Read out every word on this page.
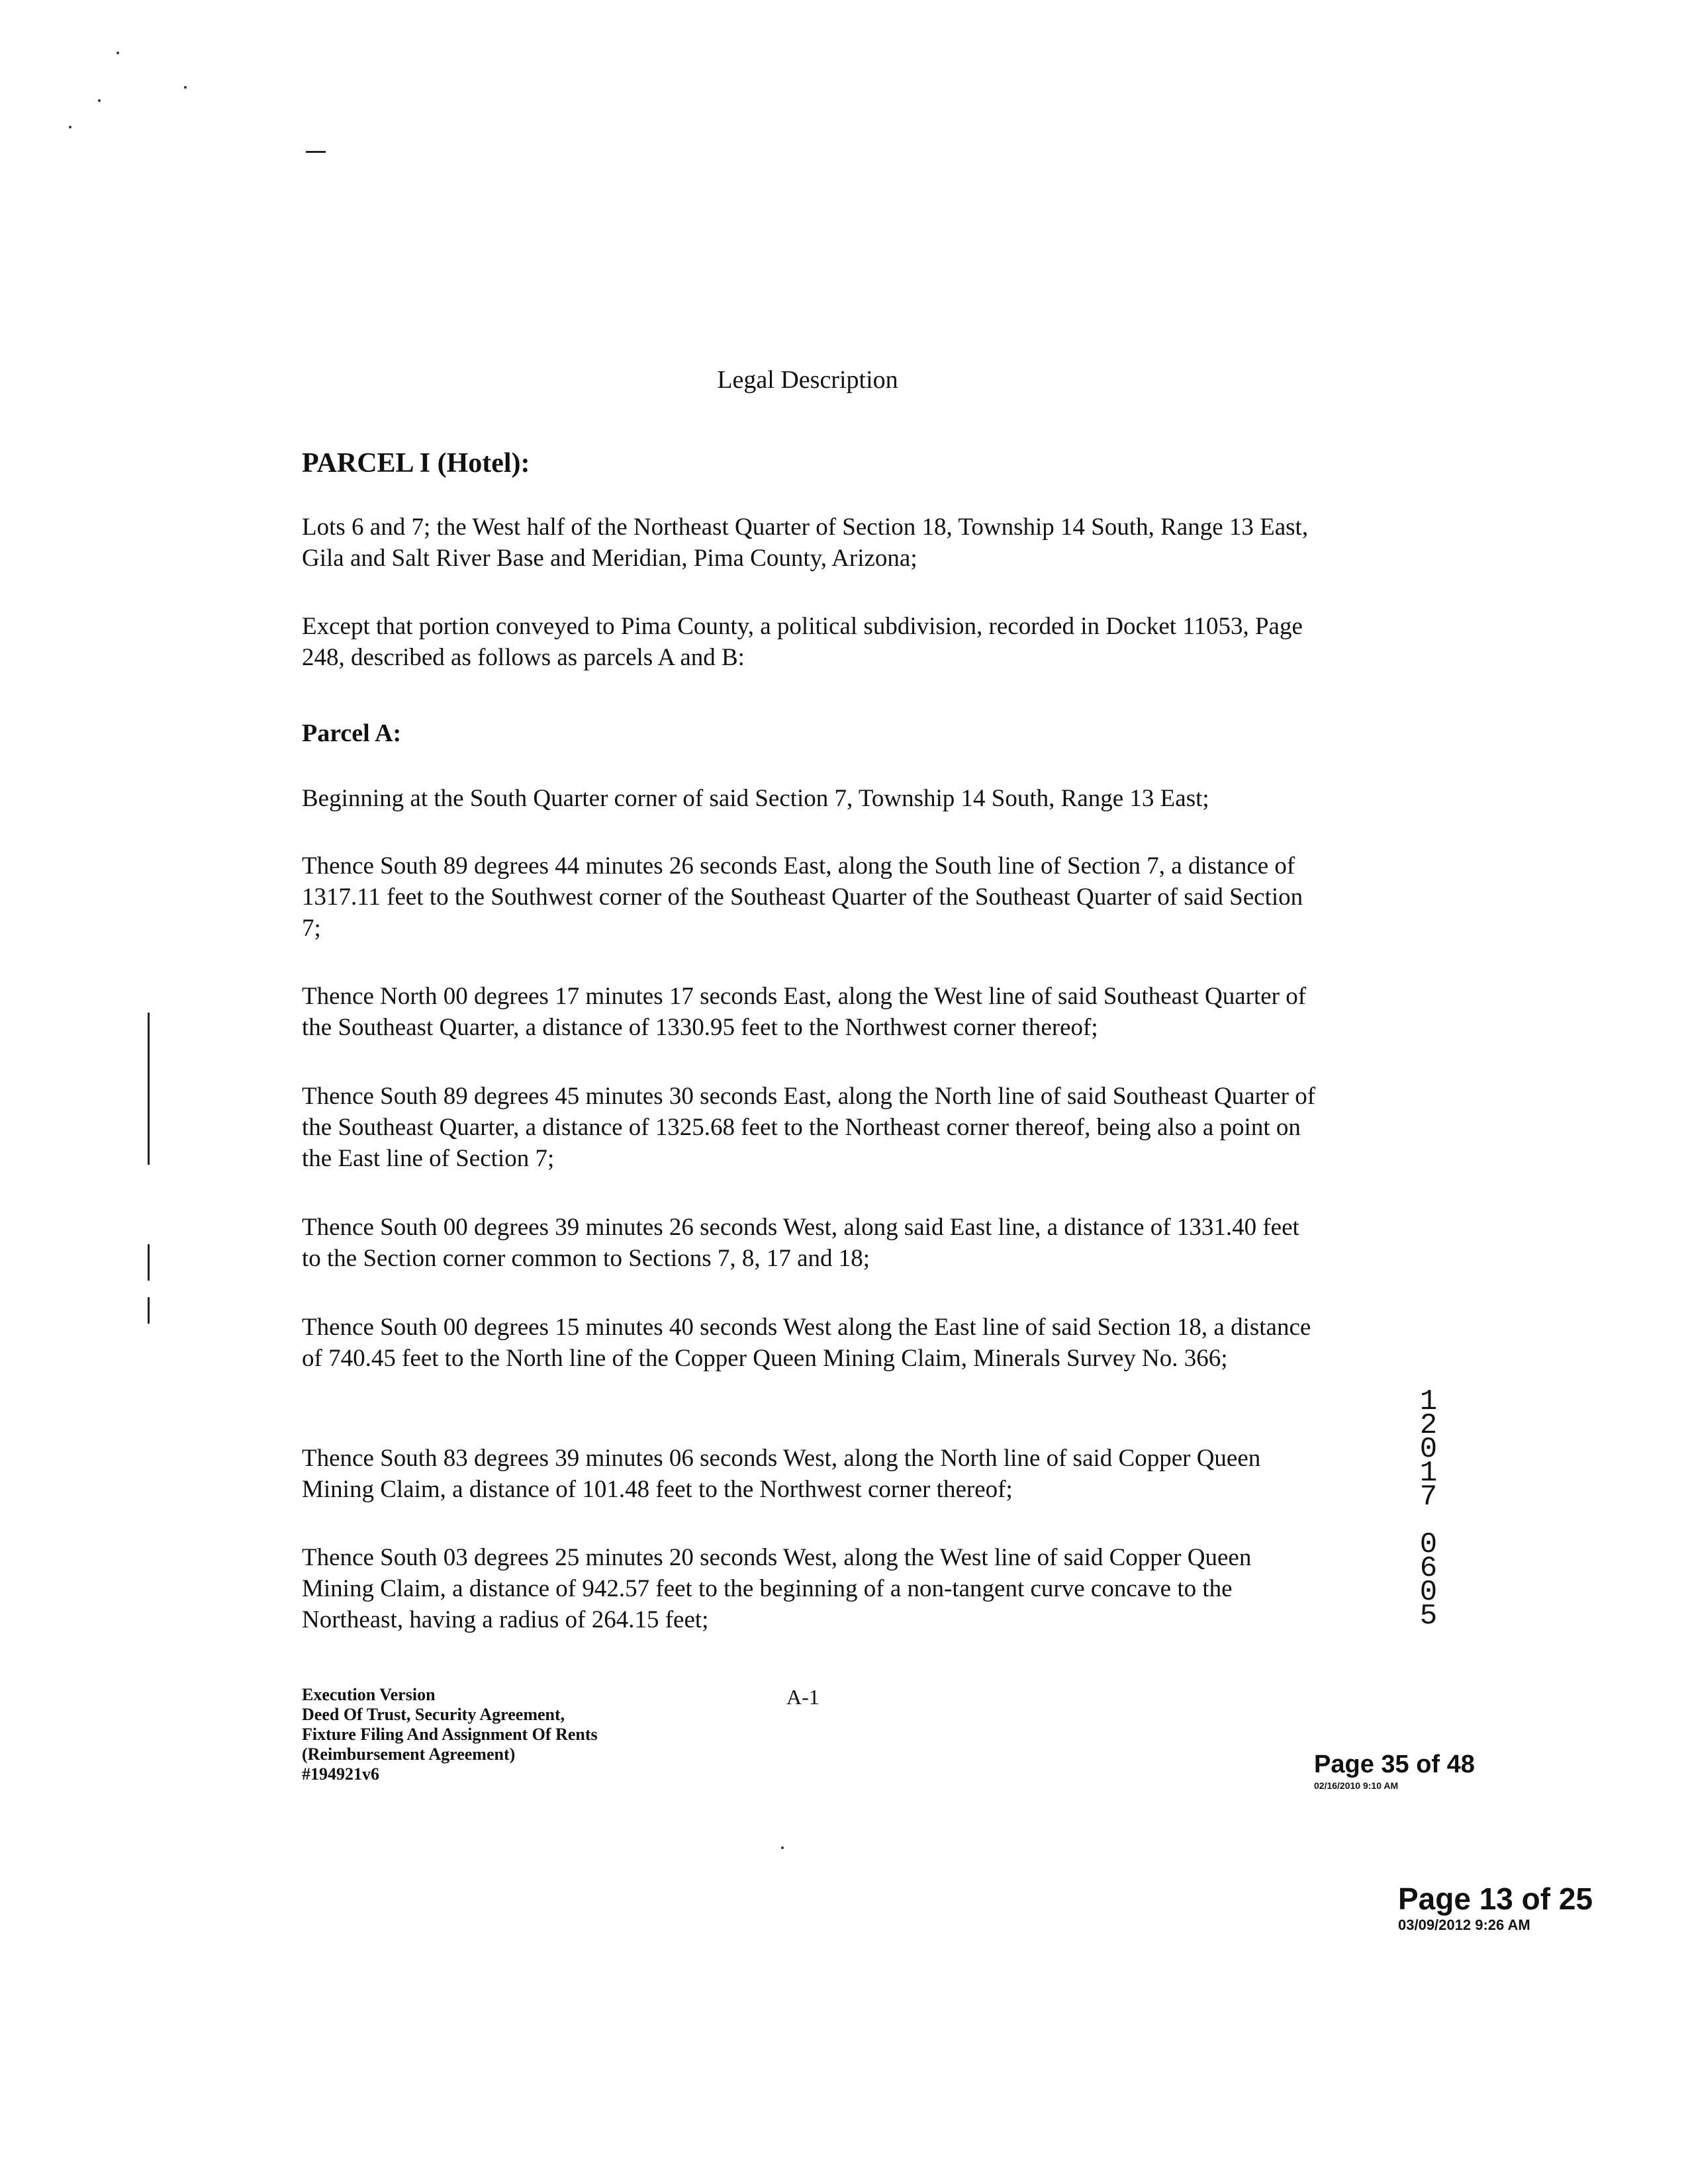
Legal Description
PARCEL I (Hotel):
Lots 6 and 7; the West half of the Northeast Quarter of Section 18, Township 14 South, Range 13 East, Gila and Salt River Base and Meridian, Pima County, Arizona;
Except that portion conveyed to Pima County, a political subdivision, recorded in Docket 11053, Page 248, described as follows as parcels A and B:
Parcel A:
Beginning at the South Quarter corner of said Section 7, Township 14 South, Range 13 East;
Thence South 89 degrees 44 minutes 26 seconds East, along the South line of Section 7, a distance of 1317.11 feet to the Southwest corner of the Southeast Quarter of the Southeast Quarter of said Section 7;
Thence North 00 degrees 17 minutes 17 seconds East, along the West line of said Southeast Quarter of the Southeast Quarter, a distance of 1330.95 feet to the Northwest corner thereof;
Thence South 89 degrees 45 minutes 30 seconds East, along the North line of said Southeast Quarter of the Southeast Quarter, a distance of 1325.68 feet to the Northeast corner thereof, being also a point on the East line of Section 7;
Thence South 00 degrees 39 minutes 26 seconds West, along said East line, a distance of 1331.40 feet to the Section corner common to Sections 7, 8, 17 and 18;
Thence South 00 degrees 15 minutes 40 seconds West along the East line of said Section 18, a distance of 740.45 feet to the North line of the Copper Queen Mining Claim, Minerals Survey No. 366;
Thence South 83 degrees 39 minutes 06 seconds West, along the North line of said Copper Queen Mining Claim, a distance of 101.48 feet to the Northwest corner thereof;
Thence South 03 degrees 25 minutes 20 seconds West, along the West line of said Copper Queen Mining Claim, a distance of 942.57 feet to the beginning of a non-tangent curve concave to the Northeast, having a radius of 264.15 feet;
1
2
0
1
7

0
6
0
5
Execution Version
Deed Of Trust, Security Agreement,
Fixture Filing And Assignment Of Rents
(Reimbursement Agreement)
#194921v6
A-1
Page 35 of 48
02/16/2010 9:10 AM
Page 13 of 25
03/09/2012 9:26 AM
